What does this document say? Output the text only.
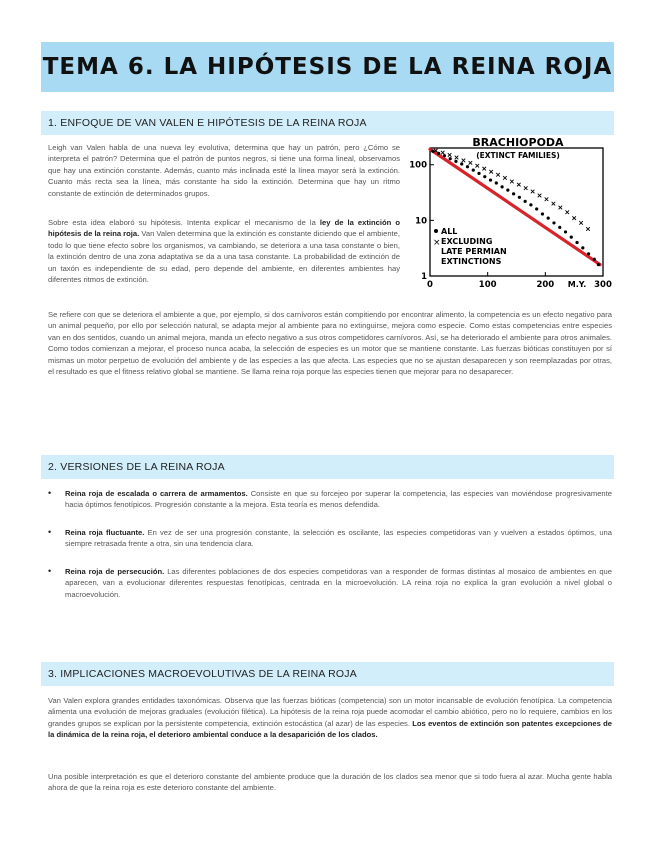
TEMA 6. LA HIPÓTESIS DE LA REINA ROJA
1. ENFOQUE DE VAN VALEN E HIPÓTESIS DE LA REINA ROJA

Leigh van Valen habla de una nueva ley evolutiva, determina que hay un patrón, pero ¿Cómo se interpreta el patrón? Determina que el patrón de puntos negros, si tiene una forma lineal, observamos que hay una extinción constante. Además, cuanto más inclinada esté la línea mayor será la extinción. Cuanto más recta sea la línea, más constante ha sido la extinción. Determina que hay un ritmo constante de extinción de determinados grupos.

Sobre esta idea elaboró su hipótesis. Intenta explicar el mecanismo de la ley de la extinción o hipótesis de la reina roja. Van Valen determina que la extinción es constante diciendo que el ambiente, todo lo que tiene efecto sobre los organismos, va cambiando, se deteriora a una tasa constante o bien, la extinción dentro de una zona adaptativa se da a una tasa constante. La probabilidad de extinción de un taxón es independiente de su edad, pero depende del ambiente, en diferentes ambientes hay diferentes ritmos de extinción.

BRACHIOPODA
(EXTINCT FAMILIES)
0	100	200	300
M.Y.
1
10
100
ALL
× EXCLUDING
LATE PERMIAN
EXTINCTIONS

Se refiere con que se deteriora el ambiente a que, por ejemplo, si dos carnívoros están compitiendo por encontrar alimento, la competencia es un efecto negativo para un animal pequeño, por ello por selección natural, se adapta mejor al ambiente para no extinguirse, mejora como especie. Como estas competencias entre especies van en dos sentidos, cuando un animal mejora, manda un efecto negativo a sus otros competidores carnívoros. Así, se ha deteriorado el ambiente para otros animales. Como todos comienzan a mejorar, el proceso nunca acaba, la selección de especies es un motor que se mantiene constante. Las fuerzas bióticas constituyen por sí mismas un motor perpetuo de evolución del ambiente y de las especies a las que afecta. Las especies que no se ajustan desaparecen y son reemplazadas por otras, el resultado es que el fitness relativo global se mantiene. Se llama reina roja porque las especies tienen que mejorar para no desaparecer.

2. VERSIONES DE LA REINA ROJA
• Reina roja de escalada o carrera de armamentos. Consiste en que su forcejeo por superar la competencia, las especies van moviéndose progresivamente hacia óptimos fenotípicos. Progresión constante a la mejora. Esta teoría es menos defendida.

• Reina roja fluctuante. En vez de ser una progresión constante, la selección es oscilante, las especies competidoras van y vuelven a estados óptimos, una siempre retrasada frente a otra, sin una tendencia clara.

• Reina roja de persecución. Las diferentes poblaciones de dos especies competidoras van a responder de formas distintas al mosaico de ambientes en que aparecen, van a evolucionar diferentes respuestas fenotípicas, centrada en la microevolución. LA reina roja no explica la gran evolución a nivel global o macroevolución.

3. IMPLICACIONES MACROEVOLUTIVAS DE LA REINA ROJA

Van Valen explora grandes entidades taxonómicas. Observa que las fuerzas bióticas (competencia) son un motor incansable de evolución fenotípica. La competencia alimenta una evolución de mejoras graduales (evolución filética). La hipótesis de la reina roja puede acomodar el cambio abiótico, pero no lo requiere, cambios en los grandes grupos se explican por la persistente competencia, extinción estocástica (al azar) de las especies. Los eventos de extinción son patentes excepciones de la dinámica de la reina roja, el deterioro ambiental conduce a la desaparición de los clados.

Una posible interpretación es que el deterioro constante del ambiente produce que la duración de los clados sea menor que si todo fuera al azar. Mucha gente habla ahora de que la reina roja es este deterioro constante del ambiente.
